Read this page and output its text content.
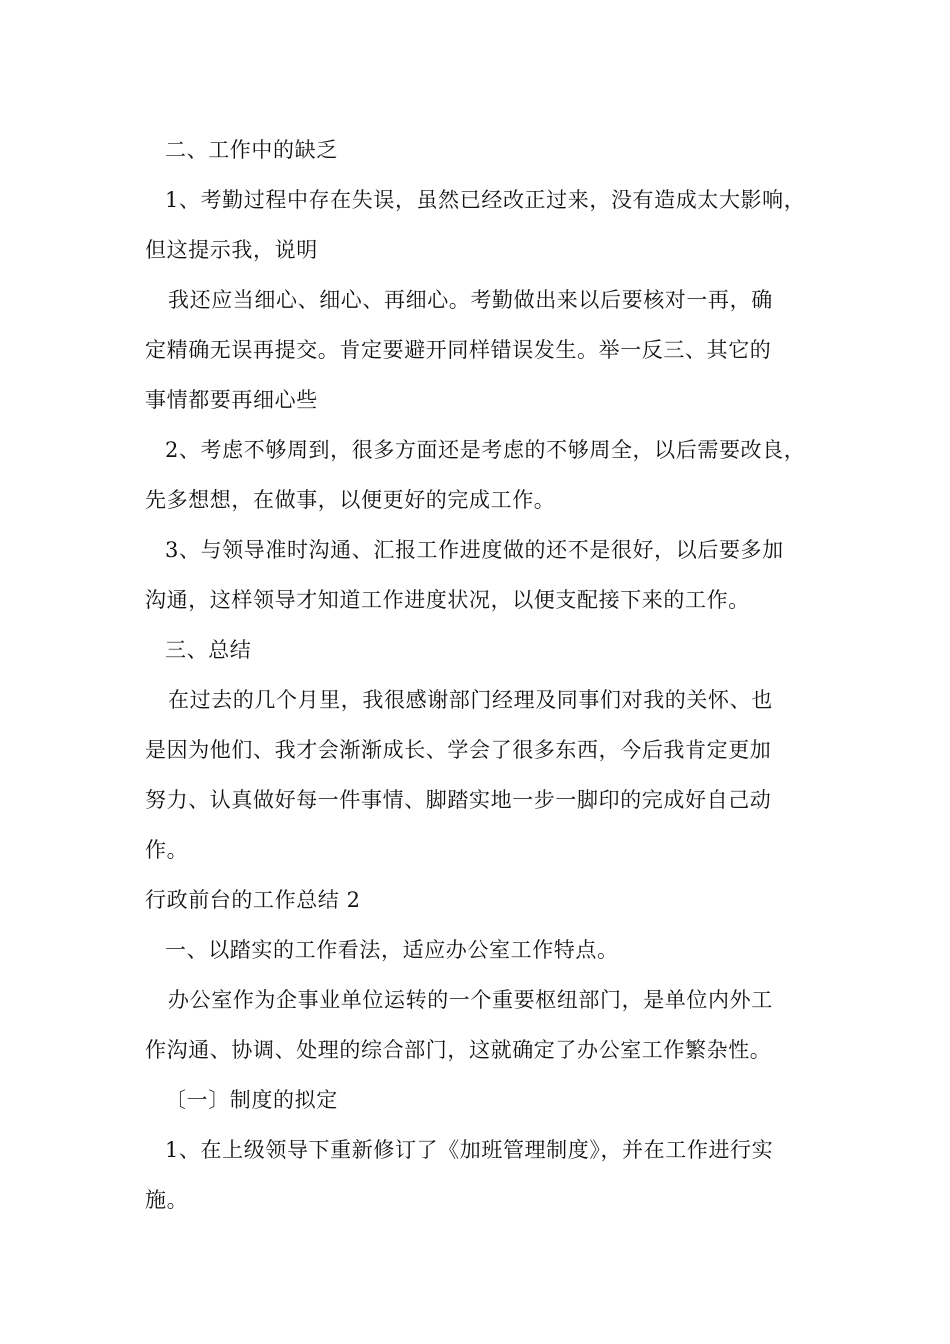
二、工作中的缺乏
1、考勤过程中存在失误，虽然已经改正过来，没有造成太大影响，
但这提示我，说明
我还应当细心、细心、再细心。考勤做出来以后要核对一再，确
定精确无误再提交。肯定要避开同样错误发生。举一反三、其它的
事情都要再细心些
2、考虑不够周到，很多方面还是考虑的不够周全，以后需要改良，
先多想想，在做事，以便更好的完成工作。
3、与领导准时沟通、汇报工作进度做的还不是很好，以后要多加
沟通，这样领导才知道工作进度状况，以便支配接下来的工作。
三、总结
在过去的几个月里，我很感谢部门经理及同事们对我的关怀、也
是因为他们、我才会渐渐成长、学会了很多东西，今后我肯定更加
努力、认真做好每一件事情、脚踏实地一步一脚印的完成好自己动
作。
行政前台的工作总结 2
一、以踏实的工作看法，适应办公室工作特点。
办公室作为企事业单位运转的一个重要枢纽部门，是单位内外工
作沟通、协调、处理的综合部门，这就确定了办公室工作繁杂性。
〔一〕制度的拟定
1、在上级领导下重新修订了《加班管理制度》，并在工作进行实
施。
